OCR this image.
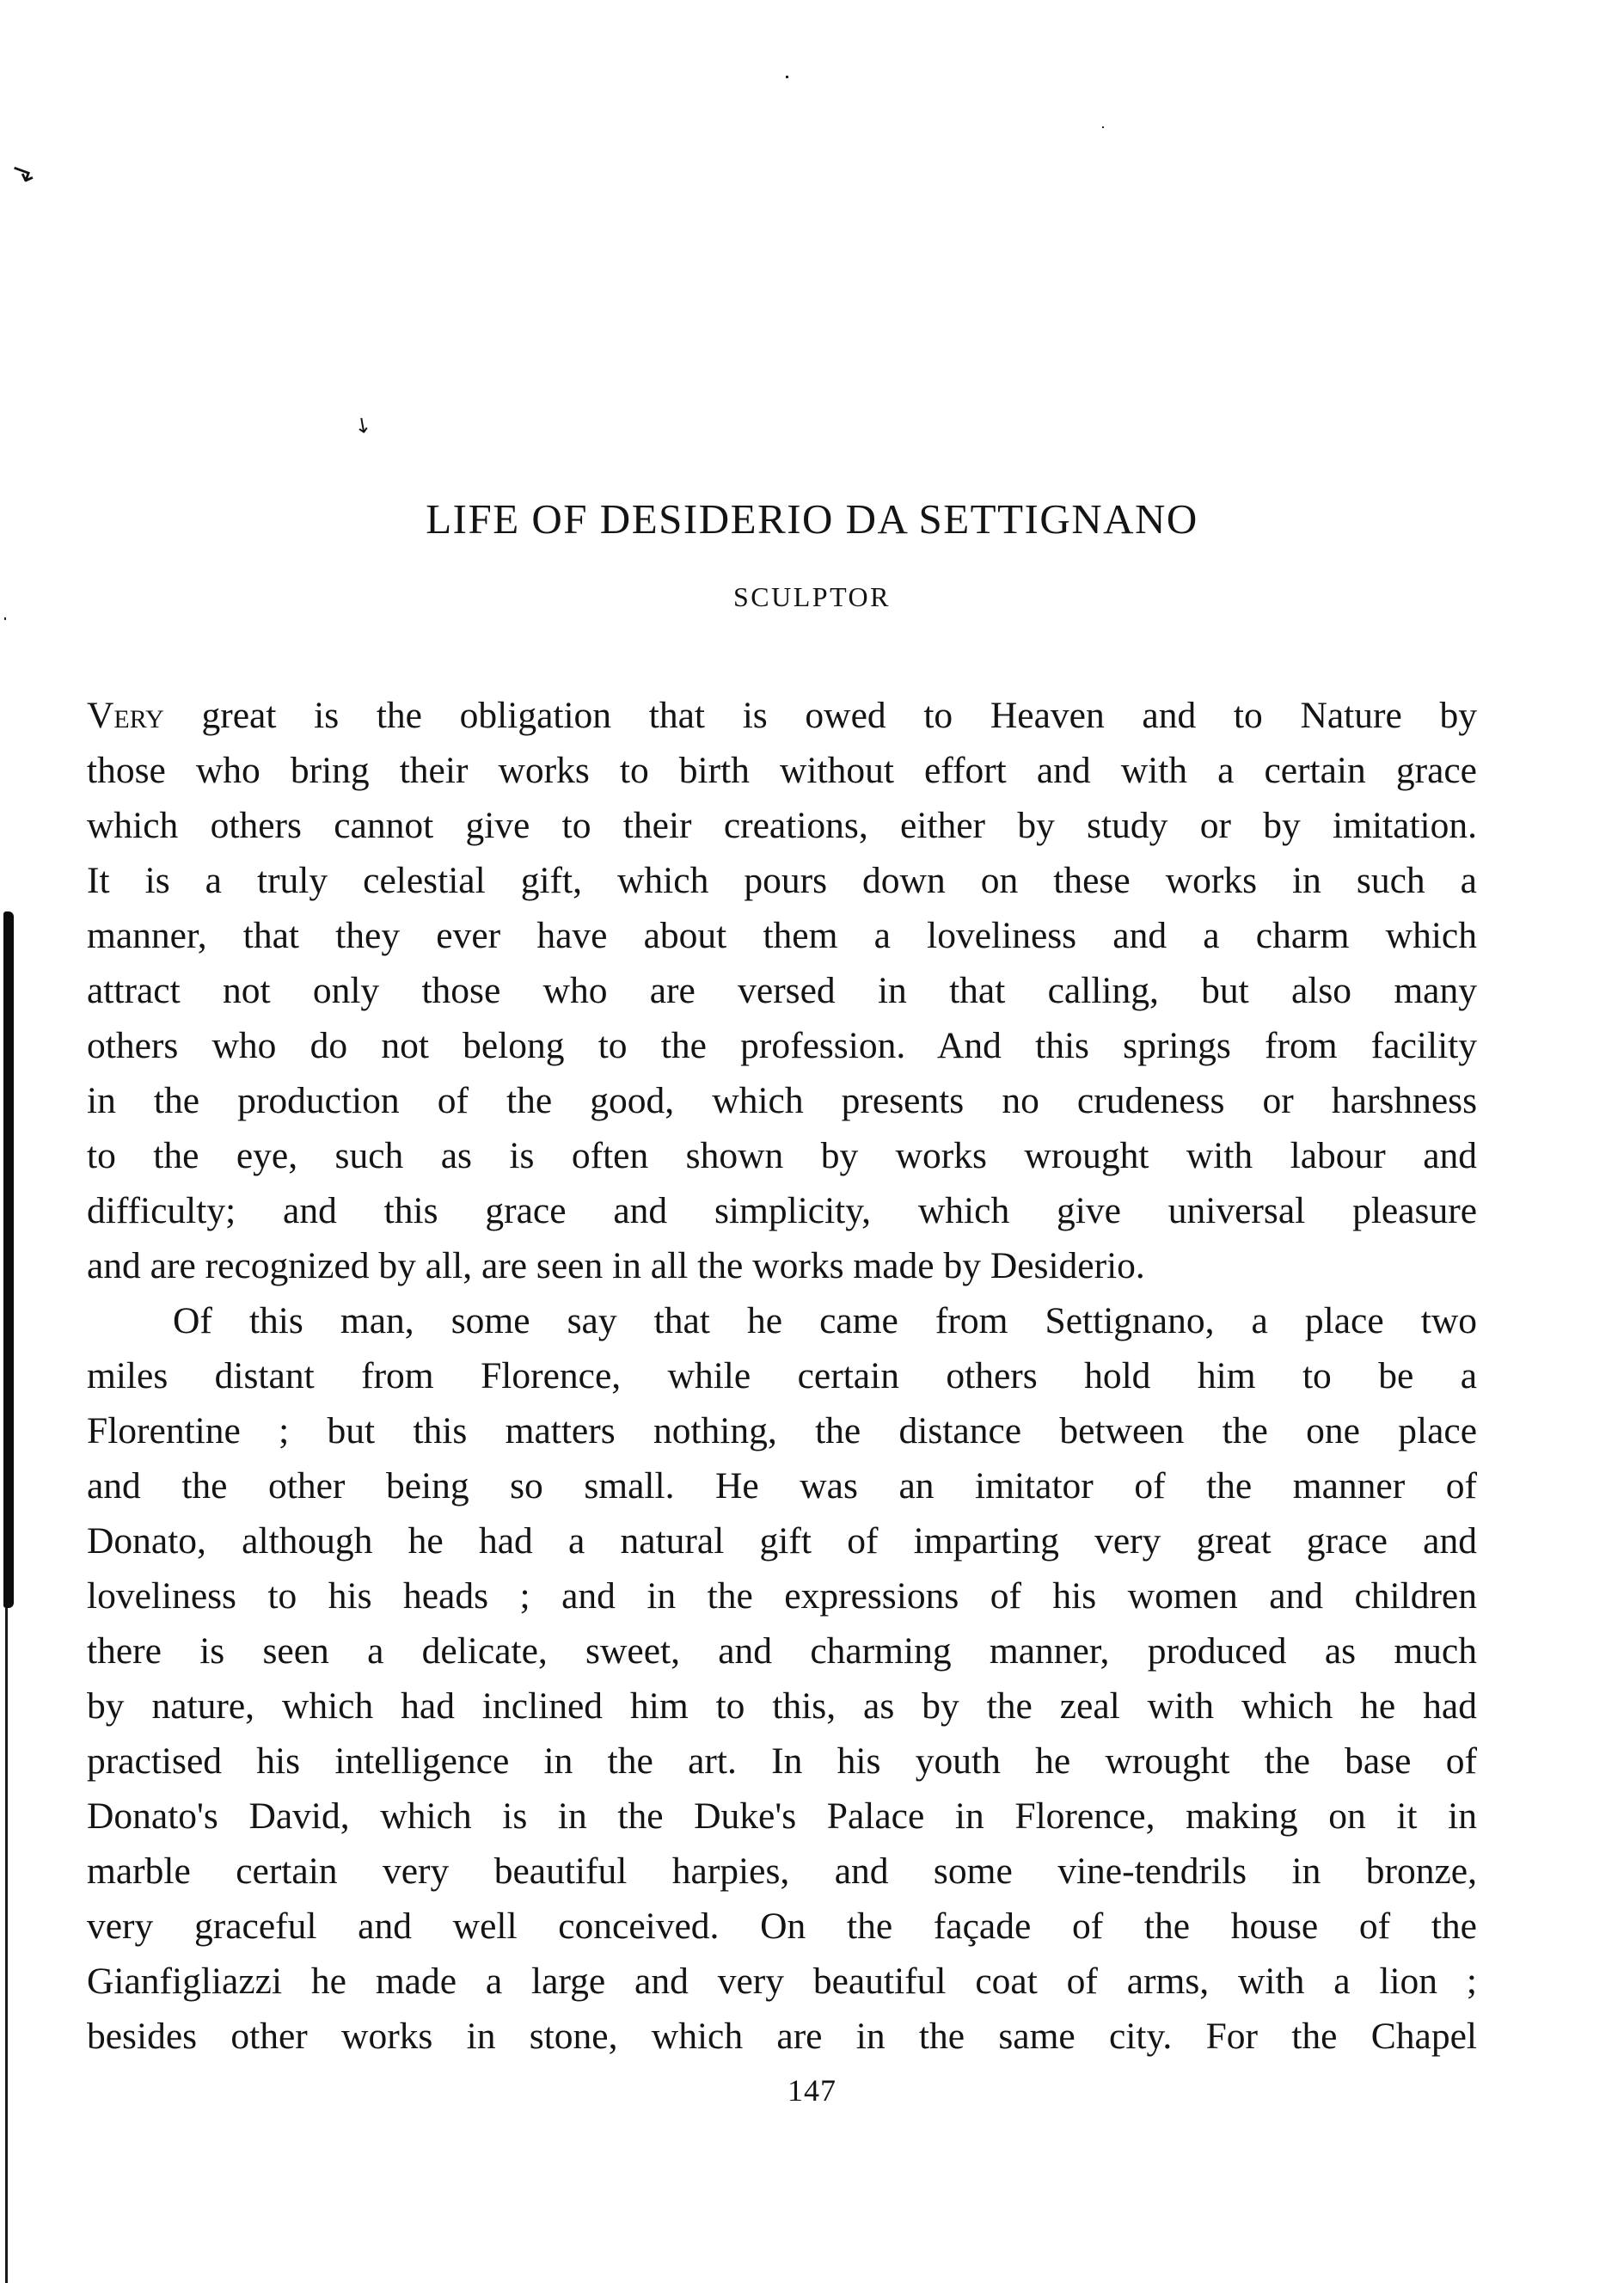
⬎
↘
LIFE OF DESIDERIO DA SETTIGNANO
SCULPTOR
Very great is the obligation that is owed to Heaven and to Nature by
those who bring their works to birth without effort and with a certain grace
which others cannot give to their creations, either by study or by imitation.
It is a truly celestial gift, which pours down on these works in such a
manner, that they ever have about them a loveliness and a charm which
attract not only those who are versed in that calling, but also many
others who do not belong to the profession. And this springs from facility
in the production of the good, which presents no crudeness or harshness
to the eye, such as is often shown by works wrought with labour and
difficulty; and this grace and simplicity, which give universal pleasure
and are recognized by all, are seen in all the works made by Desiderio.
Of this man, some say that he came from Settignano, a place two
miles distant from Florence, while certain others hold him to be a
Florentine ; but this matters nothing, the distance between the one place
and the other being so small. He was an imitator of the manner of
Donato, although he had a natural gift of imparting very great grace and
loveliness to his heads ; and in the expressions of his women and children
there is seen a delicate, sweet, and charming manner, produced as much
by nature, which had inclined him to this, as by the zeal with which he had
practised his intelligence in the art. In his youth he wrought the base of
Donato's David, which is in the Duke's Palace in Florence, making on it in
marble certain very beautiful harpies, and some vine-tendrils in bronze,
very graceful and well conceived. On the façade of the house of the
Gianfigliazzi he made a large and very beautiful coat of arms, with a lion ;
besides other works in stone, which are in the same city. For the Chapel
147
